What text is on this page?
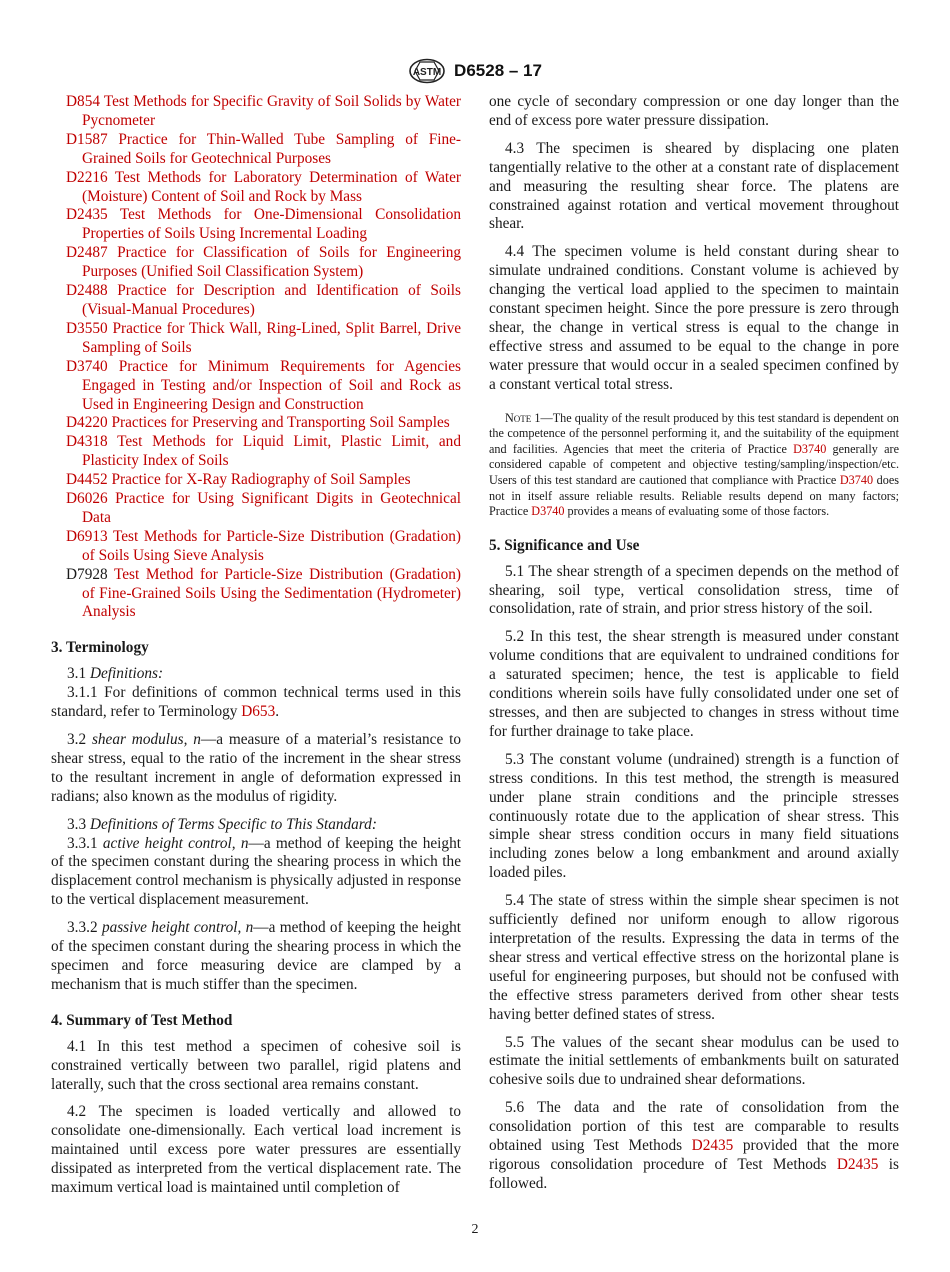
ASTM D6528 – 17

D854 Test Methods for Specific Gravity of Soil Solids by Water Pycnometer

D1587 Practice for Thin-Walled Tube Sampling of Fine-Grained Soils for Geotechnical Purposes

D2216 Test Methods for Laboratory Determination of Water (Moisture) Content of Soil and Rock by Mass

D2435 Test Methods for One-Dimensional Consolidation Properties of Soils Using Incremental Loading

D2487 Practice for Classification of Soils for Engineering Purposes (Unified Soil Classification System)

D2488 Practice for Description and Identification of Soils (Visual-Manual Procedures)

D3550 Practice for Thick Wall, Ring-Lined, Split Barrel, Drive Sampling of Soils

D3740 Practice for Minimum Requirements for Agencies Engaged in Testing and/or Inspection of Soil and Rock as Used in Engineering Design and Construction

D4220 Practices for Preserving and Transporting Soil Samples

D4318 Test Methods for Liquid Limit, Plastic Limit, and Plasticity Index of Soils

D4452 Practice for X-Ray Radiography of Soil Samples

D6026 Practice for Using Significant Digits in Geotechnical Data

D6913 Test Methods for Particle-Size Distribution (Gradation) of Soils Using Sieve Analysis

D7928 Test Method for Particle-Size Distribution (Gradation) of Fine-Grained Soils Using the Sedimentation (Hydrometer) Analysis

3. Terminology

3.1 Definitions:

3.1.1 For definitions of common technical terms used in this standard, refer to Terminology D653.

3.2 shear modulus, n—a measure of a material’s resistance to shear stress, equal to the ratio of the increment in the shear stress to the resultant increment in angle of deformation expressed in radians; also known as the modulus of rigidity.

3.3 Definitions of Terms Specific to This Standard:

3.3.1 active height control, n—a method of keeping the height of the specimen constant during the shearing process in which the displacement control mechanism is physically adjusted in response to the vertical displacement measurement.

3.3.2 passive height control, n—a method of keeping the height of the specimen constant during the shearing process in which the specimen and force measuring device are clamped by a mechanism that is much stiffer than the specimen.

4. Summary of Test Method

4.1 In this test method a specimen of cohesive soil is constrained vertically between two parallel, rigid platens and laterally, such that the cross sectional area remains constant.

4.2 The specimen is loaded vertically and allowed to consolidate one-dimensionally. Each vertical load increment is maintained until excess pore water pressures are essentially dissipated as interpreted from the vertical displacement rate. The maximum vertical load is maintained until completion of

one cycle of secondary compression or one day longer than the end of excess pore water pressure dissipation.

4.3 The specimen is sheared by displacing one platen tangentially relative to the other at a constant rate of displacement and measuring the resulting shear force. The platens are constrained against rotation and vertical movement throughout shear.

4.4 The specimen volume is held constant during shear to simulate undrained conditions. Constant volume is achieved by changing the vertical load applied to the specimen to maintain constant specimen height. Since the pore pressure is zero through shear, the change in vertical stress is equal to the change in effective stress and assumed to be equal to the change in pore water pressure that would occur in a sealed specimen confined by a constant vertical total stress.

Note 1—The quality of the result produced by this test standard is dependent on the competence of the personnel performing it, and the suitability of the equipment and facilities. Agencies that meet the criteria of Practice D3740 generally are considered capable of competent and objective testing/sampling/inspection/etc. Users of this test standard are cautioned that compliance with Practice D3740 does not in itself assure reliable results. Reliable results depend on many factors; Practice D3740 provides a means of evaluating some of those factors.

5. Significance and Use

5.1 The shear strength of a specimen depends on the method of shearing, soil type, vertical consolidation stress, time of consolidation, rate of strain, and prior stress history of the soil.

5.2 In this test, the shear strength is measured under constant volume conditions that are equivalent to undrained conditions for a saturated specimen; hence, the test is applicable to field conditions wherein soils have fully consolidated under one set of stresses, and then are subjected to changes in stress without time for further drainage to take place.

5.3 The constant volume (undrained) strength is a function of stress conditions. In this test method, the strength is measured under plane strain conditions and the principle stresses continuously rotate due to the application of shear stress. This simple shear stress condition occurs in many field situations including zones below a long embankment and around axially loaded piles.

5.4 The state of stress within the simple shear specimen is not sufficiently defined nor uniform enough to allow rigorous interpretation of the results. Expressing the data in terms of the shear stress and vertical effective stress on the horizontal plane is useful for engineering purposes, but should not be confused with the effective stress parameters derived from other shear tests having better defined states of stress.

5.5 The values of the secant shear modulus can be used to estimate the initial settlements of embankments built on saturated cohesive soils due to undrained shear deformations.

5.6 The data and the rate of consolidation from the consolidation portion of this test are comparable to results obtained using Test Methods D2435 provided that the more rigorous consolidation procedure of Test Methods D2435 is followed.

2
